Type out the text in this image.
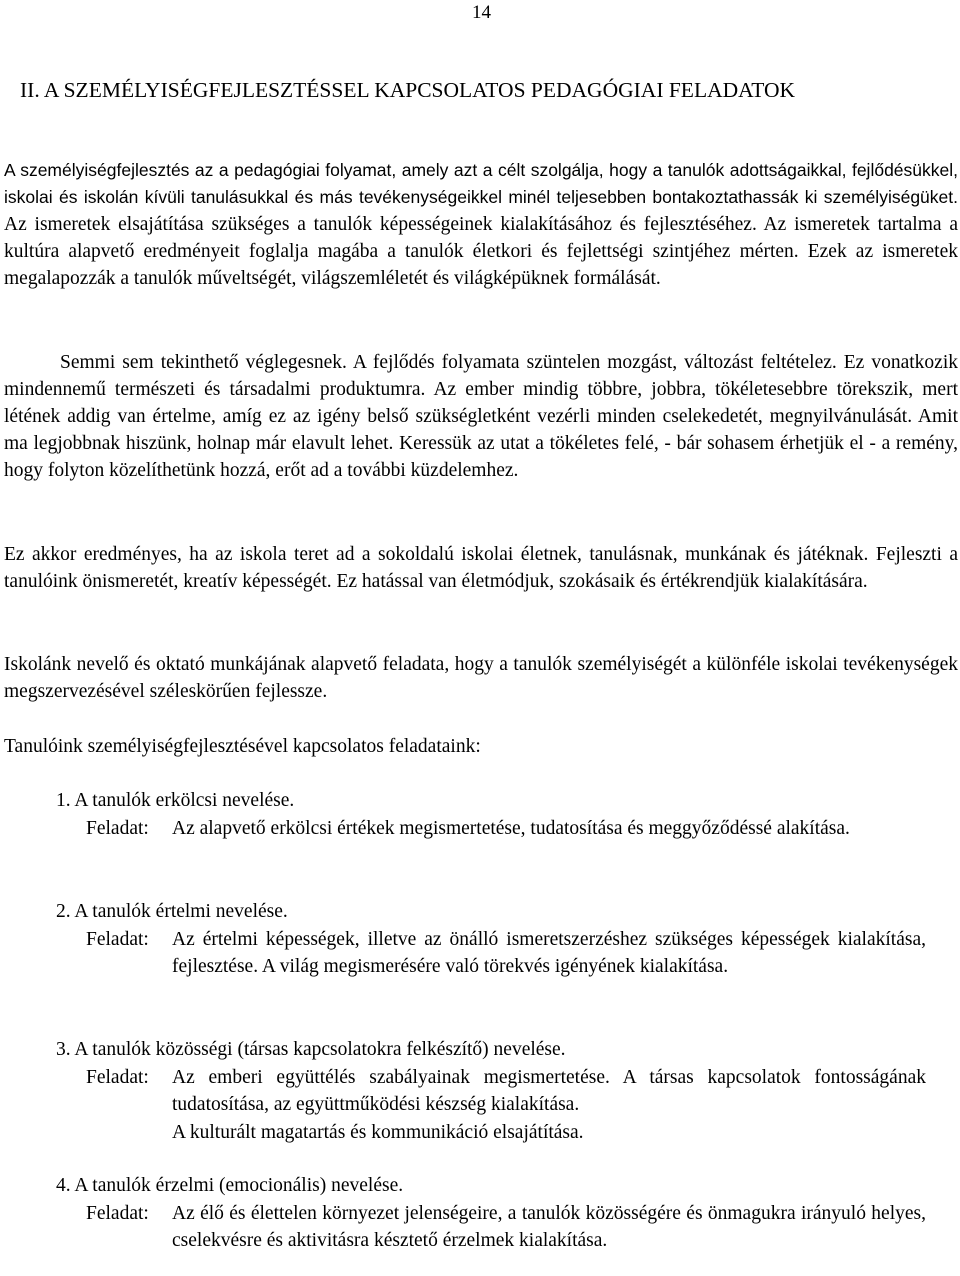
14
II. A SZEMÉLYISÉGFEJLESZTÉSSEL KAPCSOLATOS PEDAGÓGIAI FELADATOK
A személyiségfejlesztés az a pedagógiai folyamat, amely azt a célt szolgálja, hogy a tanulók adottságaikkal, fejlődésükkel, iskolai és iskolán kívüli tanulásukkal és más tevékenységeikkel minél teljesebben bontakoztathassák ki személyiségüket. Az ismeretek elsajátítása szükséges a tanulók képességeinek kialakításához és fejlesztéséhez. Az ismeretek tartalma a kultúra alapvető eredményeit foglalja magába a tanulók életkori és fejlettségi szintjéhez mérten. Ezek az ismeretek megalapozzák a tanulók műveltségét, világszemléletét és világképüknek formálását.
Semmi sem tekinthető véglegesnek. A fejlődés folyamata szüntelen mozgást, változást feltételez. Ez vonatkozik mindennemű természeti és társadalmi produktumra. Az ember mindig többre, jobbra, tökéletesebbre törekszik, mert létének addig van értelme, amíg ez az igény belső szükségletként vezérli minden cselekedetét, megnyilvánulását. Amit ma legjobbnak hiszünk, holnap már elavult lehet. Keressük az utat a tökéletes felé, - bár sohasem érhetjük el - a remény, hogy folyton közelíthetünk hozzá, erőt ad a további küzdelemhez.
Ez akkor eredményes, ha az iskola teret ad a sokoldalú iskolai életnek, tanulásnak, munkának és játéknak. Fejleszti a tanulóink önismeretét, kreatív képességét. Ez hatással van életmódjuk, szokásaik és értékrendjük kialakítására.
Iskolánk nevelő és oktató munkájának alapvető feladata, hogy a tanulók személyiségét a különféle iskolai tevékenységek megszervezésével széleskörűen fejlessze.
Tanulóink személyiségfejlesztésével kapcsolatos feladataink:
1. A tanulók erkölcsi nevelése.
Feladat:	Az alapvető erkölcsi értékek megismertetése, tudatosítása és meggyőződéssé alakítása.
2. A tanulók értelmi nevelése.
Feladat:	Az értelmi képességek, illetve az önálló ismeretszerzéshez szükséges képességek kialakítása, fejlesztése. A világ megismerésére való törekvés igényének kialakítása.
3. A tanulók közösségi (társas kapcsolatokra felkészítő) nevelése.
Feladat:	Az emberi együttélés szabályainak megismertetése. A társas kapcsolatok fontosságának tudatosítása, az együttműködési készség kialakítása.
A kulturált magatartás és kommunikáció elsajátítása.
4. A tanulók érzelmi (emocionális) nevelése.
Feladat:	Az élő és élettelen környezet jelenségeire, a tanulók közösségére és önmagukra irányuló helyes, cselekvésre és aktivitásra késztető érzelmek kialakítása.
